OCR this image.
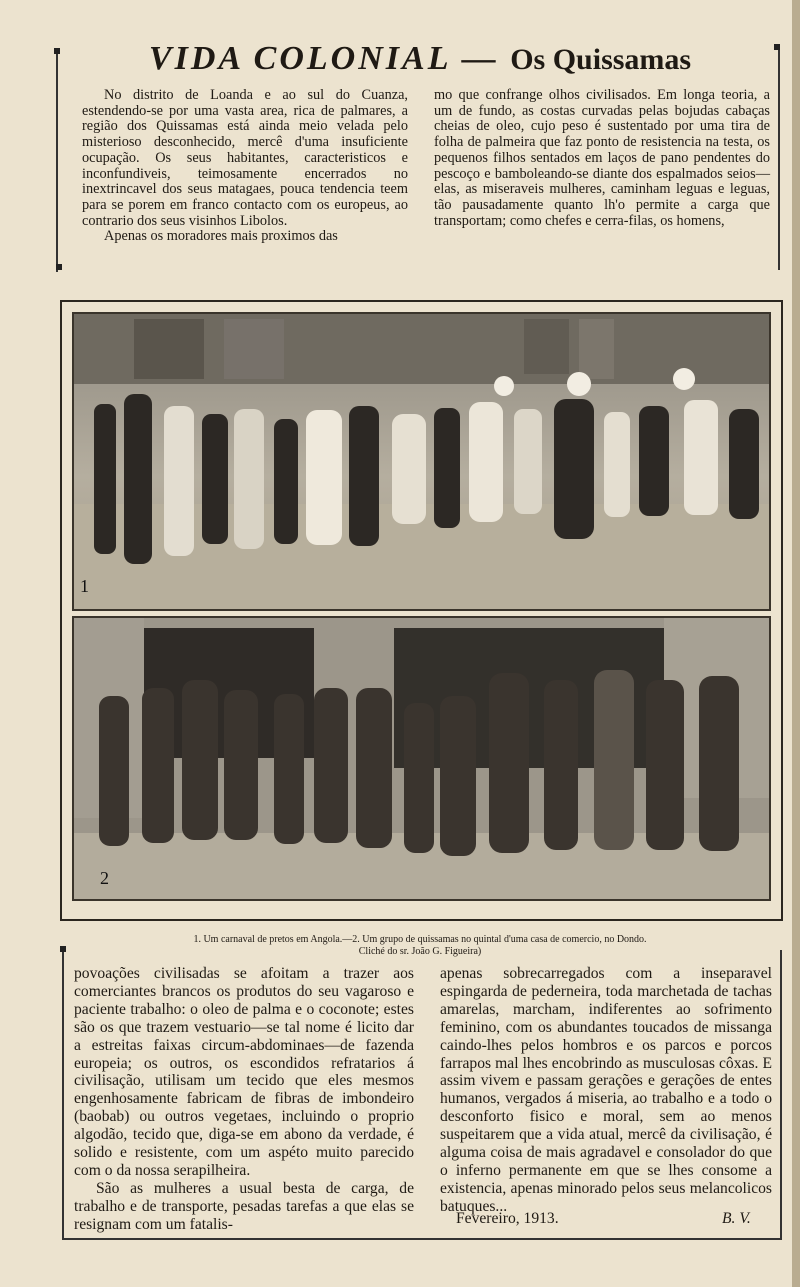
VIDA COLONIAL — Os Quissamas

No distrito de Loanda e ao sul do Cuanza, estendendo-se por uma vasta area, rica de palmares, a região dos Quissamas está ainda meio velada pelo misterioso desconhecido, mercê d'uma insuficiente ocupação. Os seus habitantes, caracteristicos e inconfundiveis, teimosamente encerrados no inextrincavel dos seus matagaes, pouca tendencia teem para se porem em franco contacto com os europeus, ao contrario dos seus visinhos Libolos.

Apenas os moradores mais proximos das

mo que confrange olhos civilisados. Em longa teoria, a um de fundo, as costas curvadas pelas bojudas cabaças cheias de oleo, cujo peso é sustentado por uma tira de folha de palmeira que faz ponto de resistencia na testa, os pequenos filhos sentados em laços de pano pendentes do pescoço e bamboleando-se diante dos espalmados seios—elas, as miseraveis mulheres, caminham leguas e leguas, tão pausadamente quanto lh'o permite a carga que transportam; como chefes e cerra-filas, os homens,

1
2
1. Um carnaval de pretos em Angola.—2. Um grupo de quissamas no quintal d'uma casa de comercio, no Dondo.
Cliché do sr. João G. Figueira)

povoações civilisadas se afoitam a trazer aos comerciantes brancos os produtos do seu vagaroso e paciente trabalho: o oleo de palma e o coconote; estes são os que trazem vestuario—se tal nome é licito dar a estreitas faixas circum-abdominaes—de fazenda europeia; os outros, os escondidos refratarios á civilisação, utilisam um tecido que eles mesmos engenhosamente fabricam de fibras de imbondeiro (baobab) ou outros vegetaes, incluindo o proprio algodão, tecido que, diga-se em abono da verdade, é solido e resistente, com um aspéto muito parecido com o da nossa serapilheira.

São as mulheres a usual besta de carga, de trabalho e de transporte, pesadas tarefas a que elas se resignam com um fatalis-

apenas sobrecarregados com a inseparavel espingarda de pederneira, toda marchetada de tachas amarelas, marcham, indiferentes ao sofrimento feminino, com os abundantes toucados de missanga caindo-lhes pelos hombros e os parcos e porcos farrapos mal lhes encobrindo as musculosas côxas. E assim vivem e passam gerações e gerações de entes humanos, vergados á miseria, ao trabalho e a todo o desconforto fisico e moral, sem ao menos suspeitarem que a vida atual, mercê da civilisação, é alguma coisa de mais agradavel e consolador do que o inferno permanente em que se lhes consome a existencia, apenas minorado pelos seus melancolicos batuques...

Fevereiro, 1913.	B. V.
